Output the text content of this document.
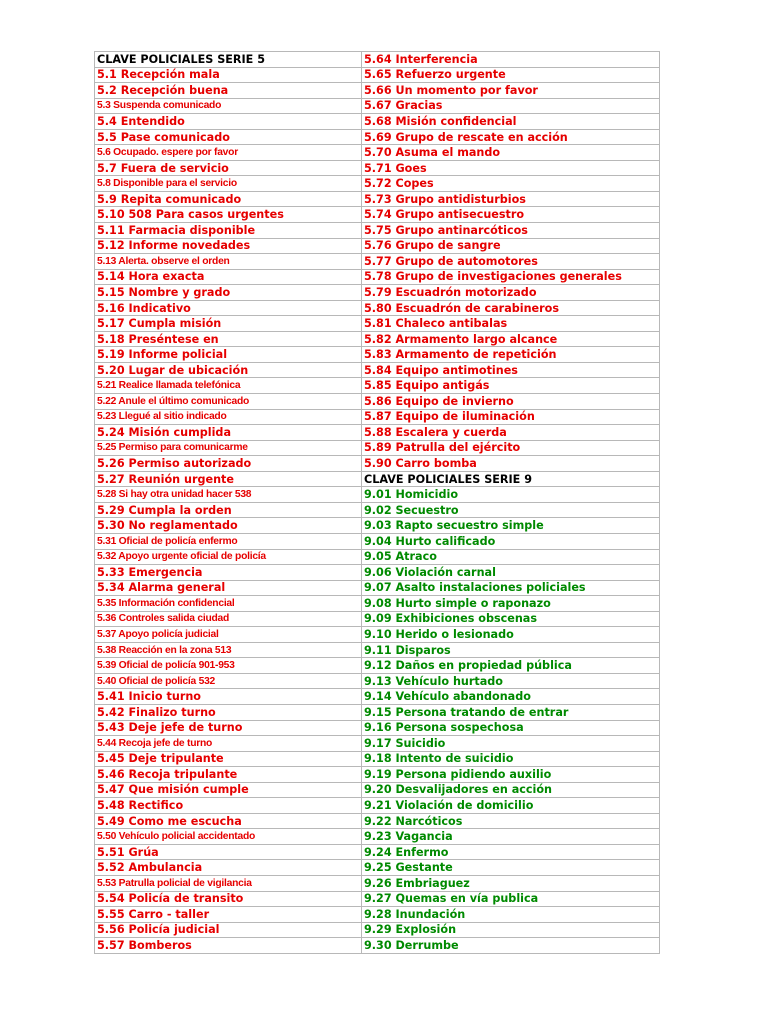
CLAVE POLICIALES SERIE 5	5.64 Interferencia
5.1 Recepción mala	5.65 Refuerzo urgente
5.2 Recepción buena	5.66 Un momento por favor
5.3 Suspenda comunicado	5.67 Gracias
5.4 Entendido	5.68 Misión confidencial
5.5 Pase comunicado	5.69 Grupo de rescate en acción
5.6 Ocupado. espere por favor	5.70 Asuma el mando
5.7 Fuera de servicio	5.71 Goes
5.8 Disponible para el servicio	5.72 Copes
5.9 Repita comunicado	5.73 Grupo antidisturbios
5.10 508 Para casos urgentes	5.74 Grupo antisecuestro
5.11 Farmacia disponible	5.75 Grupo antinarcóticos
5.12 Informe novedades	5.76 Grupo de sangre
5.13 Alerta. observe el orden	5.77 Grupo de automotores
5.14 Hora exacta	5.78 Grupo de investigaciones generales
5.15 Nombre y grado	5.79 Escuadrón motorizado
5.16 Indicativo	5.80 Escuadrón de carabineros
5.17 Cumpla misión	5.81 Chaleco antibalas
5.18 Preséntese en	5.82 Armamento largo alcance
5.19 Informe policial	5.83 Armamento de repetición
5.20 Lugar de ubicación	5.84 Equipo antimotines
5.21 Realice llamada telefónica	5.85 Equipo antigás
5.22 Anule el último comunicado	5.86 Equipo de invierno
5.23 Llegué al sitio indicado	5.87 Equipo de iluminación
5.24 Misión cumplida	5.88 Escalera y cuerda
5.25 Permiso para comunicarme	5.89 Patrulla del ejército
5.26 Permiso autorizado	5.90 Carro bomba
5.27 Reunión urgente	CLAVE POLICIALES SERIE 9
5.28 Si hay otra unidad hacer 538	9.01 Homicidio
5.29 Cumpla la orden	9.02 Secuestro
5.30 No reglamentado	9.03 Rapto secuestro simple
5.31 Oficial de policía enfermo	9.04 Hurto calificado
5.32 Apoyo urgente oficial de policía	9.05 Atraco
5.33 Emergencia	9.06 Violación carnal
5.34 Alarma general	9.07 Asalto instalaciones policiales
5.35 Información confidencial	9.08 Hurto simple o raponazo
5.36 Controles salida ciudad	9.09 Exhibiciones obscenas
5.37 Apoyo policía judicial	9.10 Herido o lesionado
5.38 Reacción en la zona 513	9.11 Disparos
5.39 Oficial de policía 901-953	9.12 Daños en propiedad pública
5.40 Oficial de policía 532	9.13 Vehículo hurtado
5.41 Inicio turno	9.14 Vehículo abandonado
5.42 Finalizo turno	9.15 Persona tratando de entrar
5.43 Deje jefe de turno	9.16 Persona sospechosa
5.44 Recoja jefe de turno	9.17 Suicidio
5.45 Deje tripulante	9.18 Intento de suicidio
5.46 Recoja tripulante	9.19 Persona pidiendo auxilio
5.47 Que misión cumple	9.20 Desvalijadores en acción
5.48 Rectifico	9.21 Violación de domicilio
5.49 Como me escucha	9.22 Narcóticos
5.50 Vehículo policial accidentado	9.23 Vagancia
5.51 Grúa	9.24 Enfermo
5.52 Ambulancia	9.25 Gestante
5.53 Patrulla policial de vigilancia	9.26 Embriaguez
5.54 Policía de transito	9.27 Quemas en vía publica
5.55 Carro - taller	9.28 Inundación
5.56 Policía judicial	9.29 Explosión
5.57 Bomberos	9.30 Derrumbe
